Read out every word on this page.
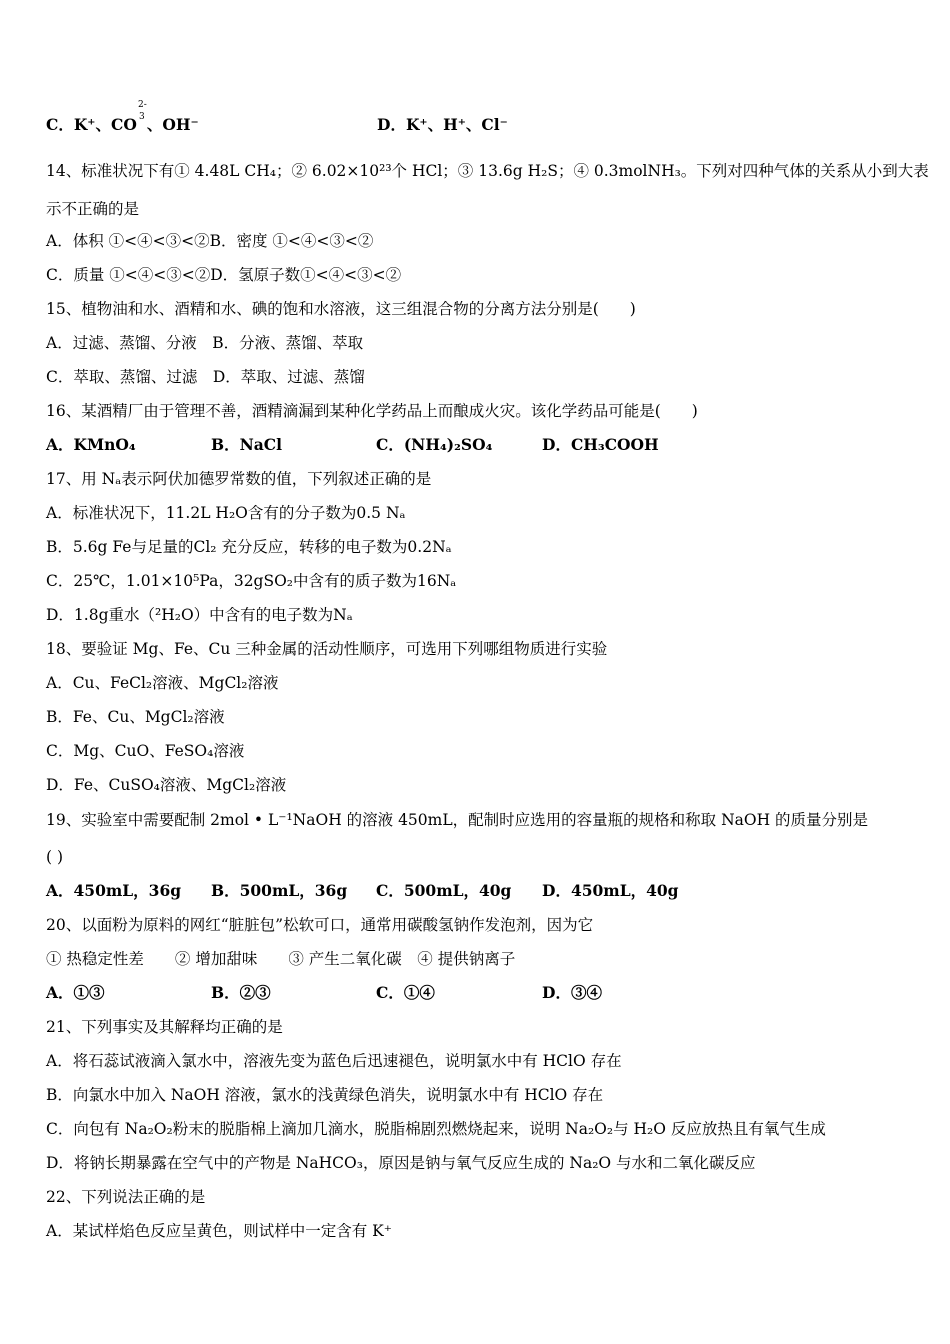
C．K⁺、CO
2-
3 、OH⁻	D．K⁺、H⁺、Cl⁻
14、标准状况下有① 4.48L CH₄；② 6.02×10²³个 HCl；③ 13.6g H₂S；④ 0.3molNH₃。下列对四种气体的关系从小到大表
示不正确的是
A．体积 ①<④<③<②B．密度 ①<④<③<②
C．质量 ①<④<③<②D．氢原子数①<④<③<②
15、植物油和水、酒精和水、碘的饱和水溶液，这三组混合物的分离方法分别是(　　)
A．过滤、蒸馏、分液　B．分液、蒸馏、萃取
C．萃取、蒸馏、过滤　D．萃取、过滤、蒸馏
16、某酒精厂由于管理不善，酒精滴漏到某种化学药品上而酿成火灾。该化学药品可能是(　　)
A．KMnO₄	B．NaCl	C．(NH₄)₂SO₄	D．CH₃COOH
17、用 Nₐ表示阿伏加德罗常数的值，下列叙述正确的是
A．标准状况下，11.2L H₂O含有的分子数为0.5 Nₐ
B．5.6g Fe与足量的Cl₂ 充分反应，转移的电子数为0.2Nₐ
C．25℃，1.01×10⁵Pa，32gSO₂中含有的质子数为16Nₐ
D．1.8g重水（²H₂O）中含有的电子数为Nₐ
18、要验证 Mg、Fe、Cu 三种金属的活动性顺序，可选用下列哪组物质进行实验
A．Cu、FeCl₂溶液、MgCl₂溶液
B．Fe、Cu、MgCl₂溶液
C．Mg、CuO、FeSO₄溶液
D．Fe、CuSO₄溶液、MgCl₂溶液
19、实验室中需要配制 2mol • L⁻¹NaOH 的溶液 450mL，配制时应选用的容量瓶的规格和称取 NaOH 的质量分别是
( )
A．450mL，36g B．500mL，36g C．500mL，40g D．450mL，40g
20、以面粉为原料的网红“脏脏包”松软可口，通常用碳酸氢钠作发泡剂，因为它
① 热稳定性差　　② 增加甜味　　③ 产生二氧化碳　④ 提供钠离子
A．①③	B．②③	C．①④	D．③④
21、下列事实及其解释均正确的是
A．将石蕊试液滴入氯水中，溶液先变为蓝色后迅速褪色，说明氯水中有 HClO 存在
B．向氯水中加入 NaOH 溶液，氯水的浅黄绿色消失，说明氯水中有 HClO 存在
C．向包有 Na₂O₂粉末的脱脂棉上滴加几滴水，脱脂棉剧烈燃烧起来，说明 Na₂O₂与 H₂O 反应放热且有氧气生成
D．将钠长期暴露在空气中的产物是 NaHCO₃，原因是钠与氧气反应生成的 Na₂O 与水和二氧化碳反应
22、下列说法正确的是
A．某试样焰色反应呈黄色，则试样中一定含有 K⁺
